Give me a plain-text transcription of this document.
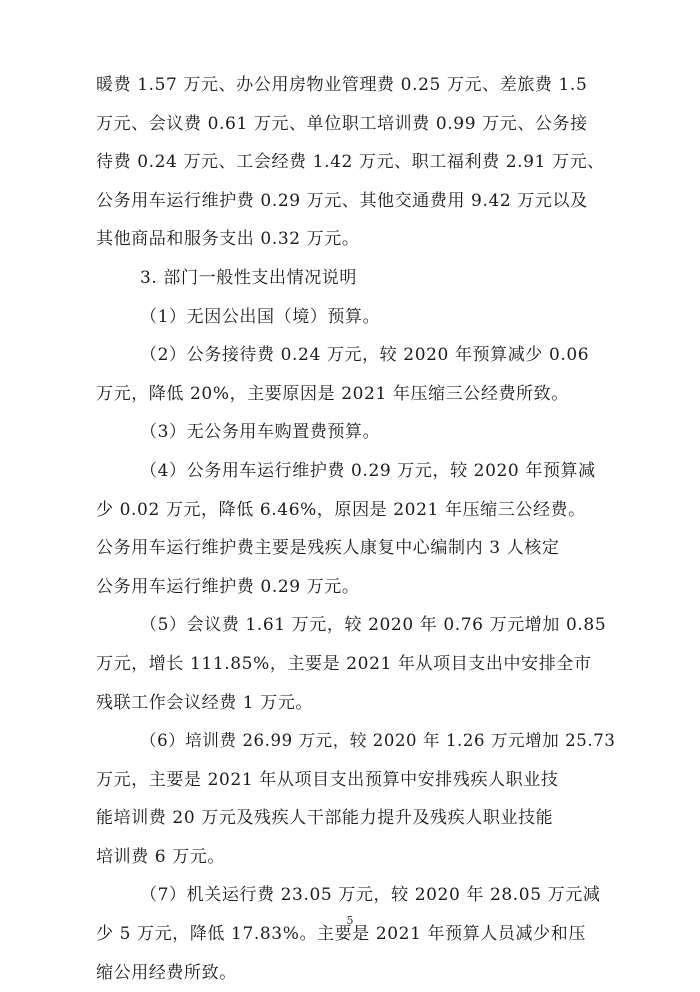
暖费 1.57 万元、办公用房物业管理费 0.25 万元、差旅费 1.5
万元、会议费 0.61 万元、单位职工培训费 0.99 万元、公务接
待费 0.24 万元、工会经费 1.42 万元、职工福利费 2.91 万元、
公务用车运行维护费 0.29 万元、其他交通费用 9.42 万元以及
其他商品和服务支出 0.32 万元。
3. 部门一般性支出情况说明
（1）无因公出国（境）预算。
（2）公务接待费 0.24 万元，较 2020 年预算减少 0.06
万元，降低 20%，主要原因是 2021 年压缩三公经费所致。
（3）无公务用车购置费预算。
（4）公务用车运行维护费 0.29 万元，较 2020 年预算减
少 0.02 万元，降低 6.46%，原因是 2021 年压缩三公经费。
公务用车运行维护费主要是残疾人康复中心编制内 3 人核定
公务用车运行维护费 0.29 万元。
（5）会议费 1.61 万元，较 2020 年 0.76 万元增加 0.85
万元，增长 111.85%，主要是 2021 年从项目支出中安排全市
残联工作会议经费 1 万元。
（6）培训费 26.99 万元，较 2020 年 1.26 万元增加 25.73
万元，主要是 2021 年从项目支出预算中安排残疾人职业技
能培训费 20 万元及残疾人干部能力提升及残疾人职业技能
培训费 6 万元。
（7）机关运行费 23.05 万元，较 2020 年 28.05 万元减
少 5 万元，降低 17.83%。主要是 2021 年预算人员减少和压
缩公用经费所致。
5
